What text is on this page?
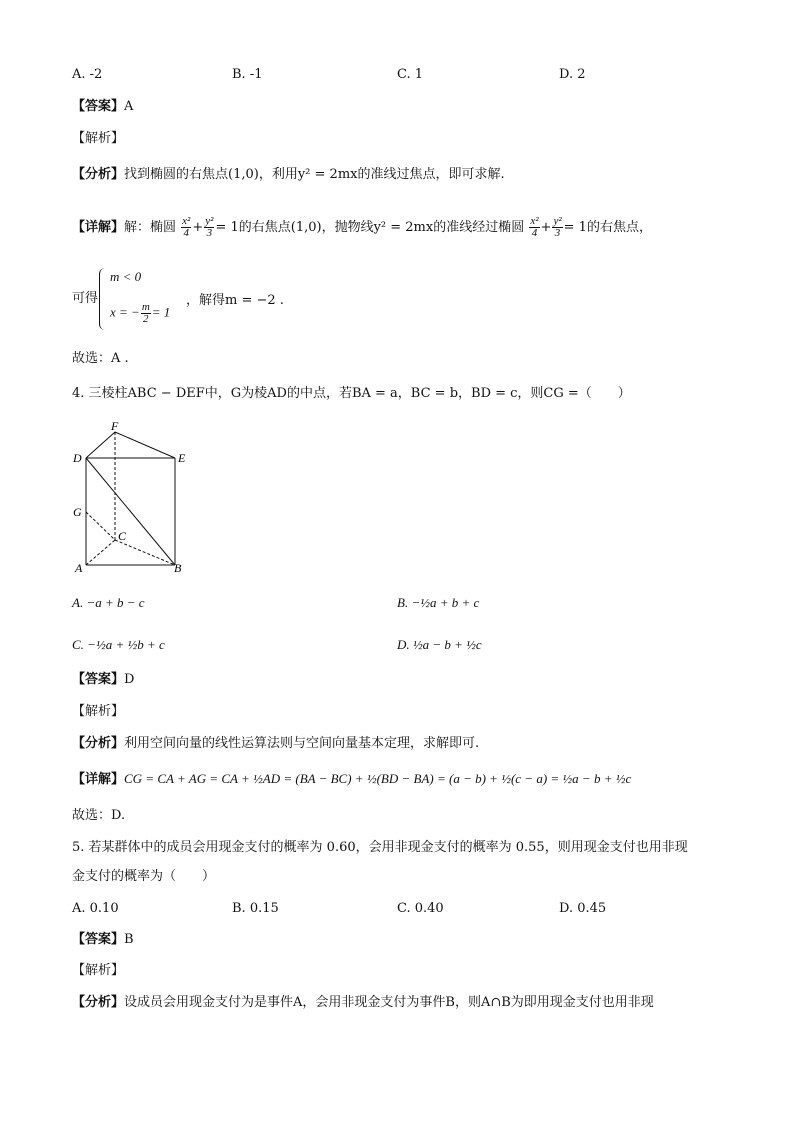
A. -2	B. -1	C. 1	D. 2
【答案】A
【解析】
【分析】找到椭圆的右焦点(1,0)，利用y² = 2mx的准线过焦点，即可求解.
【详解】解：椭圆 $\frac{\text{x²}}{4} + \frac{\text{y²}}{3} = 1$的右焦点(1,0)，抛物线y² = 2mx的准线经过椭圆 $\frac{\text{x²}}{4} + \frac{\text{y²}}{3} = 1$的右焦点，
可得
m < 0
x = − $\frac{m}{2} = 1$
，解得m = −2 .
故选：A .
4. 三棱柱ABC − DEF中，G为棱AD的中点，若BA = a，BC = b，BD = c，则CG =（　　）
F
D	E
G
C
A	B
A. −a + b − c	B. −½a + b + c
C. −½a + ½b + c	D. ½a − b + ½c
【答案】D
【解析】
【分析】利用空间向量的线性运算法则与空间向量基本定理，求解即可.
【详解】CG = CA + AG = CA + ½AD = (BA − BC) + ½(BD − BA) = (a − b) + ½(c − a) = ½a − b + ½c
故选：D.
5. 若某群体中的成员会用现金支付的概率为 0.60，会用非现金支付的概率为 0.55，则用现金支付也用非现
金支付的概率为（　　）
A. 0.10	B. 0.15	C. 0.40	D. 0.45
【答案】B
【解析】
【分析】设成员会用现金支付为是事件A，会用非现金支付为事件B，则A∩B为即用现金支付也用非现
